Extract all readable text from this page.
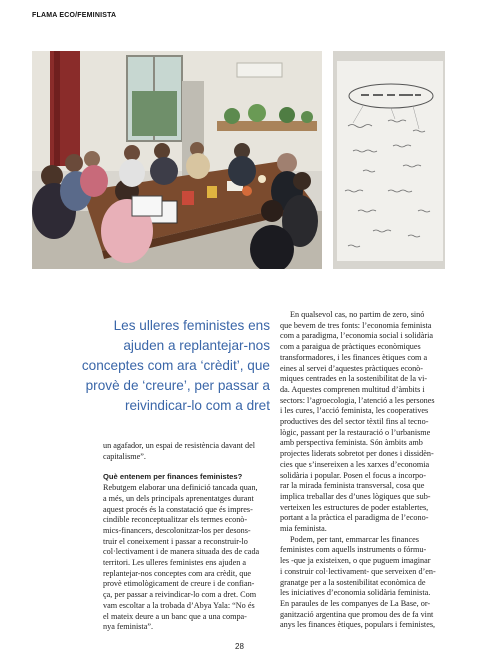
FLAMA ECO/FEMINISTA
Les ulleres feministes ens
ajuden a replantejar-nos
conceptes com ara ‘crèdit’, que
provè de ‘creure’, per passar a
reivindicar-lo com a dret

un agafador, un espai de resistència davant del

capitalisme”.

Què entenem per finances feministes?

Rebutgem elaborar una definició tancada quan,

a més, un dels principals aprenentatges durant

aquest procés és la constatació que és impres-

cindible reconceptualitzar els termes econò-

mics-financers, descolonitzar-los per desons-

truir el coneixement i passar a reconstruir-lo

col·lectivament i de manera situada des de cada

territori. Les ulleres feministes ens ajuden a

replantejar-nos conceptes com ara crèdit, que

provè etimològicament de creure i de confian-

ça, per passar a reivindicar-lo com a dret. Com

vam escoltar a la trobada d’Abya Yala: “No és

el mateix deure a un banc que a una compa-

nya feminista”.

En qualsevol cas, no partim de zero, sinó

que bevem de tres fonts: l’economia feminista

com a paradigma, l’economia social i solidària

com a paraigua de pràctiques econòmiques

transformadores, i les finances ètiques com a

eines al servei d’aquestes pràctiques econò-

miques centrades en la sostenibilitat de la vi-

da. Aquestes comprenen multitud d’àmbits i

sectors: l’agroecologia, l’atenció a les persones

i les cures, l’acció feminista, les cooperatives

productives des del sector tèxtil fins al tecno-

lògic, passant per la restauració o l’urbanisme

amb perspectiva feminista. Són àmbits amb

projectes liderats sobretot per dones i dissidèn-

cies que s’insereixen a les xarxes d’economia

solidària i popular. Posen el focus a incorpo-

rar la mirada feminista transversal, cosa que

implica treballar des d’unes lògiques que sub-

verteixen les estructures de poder establertes,

portant a la pràctica el paradigma de l’econo-

mia feminista.

Podem, per tant, emmarcar les finances

feministes com aquells instruments o fórmu-

les -que ja existeixen, o que puguem imaginar

i construir col·lectivament- que serveixen d’en-

granatge per a la sostenibilitat econòmica de

les iniciatives d’economia solidària feminista.

En paraules de les companyes de La Base, or-

ganització argentina que promou des de fa vint

anys les finances ètiques, populars i feministes,

28
